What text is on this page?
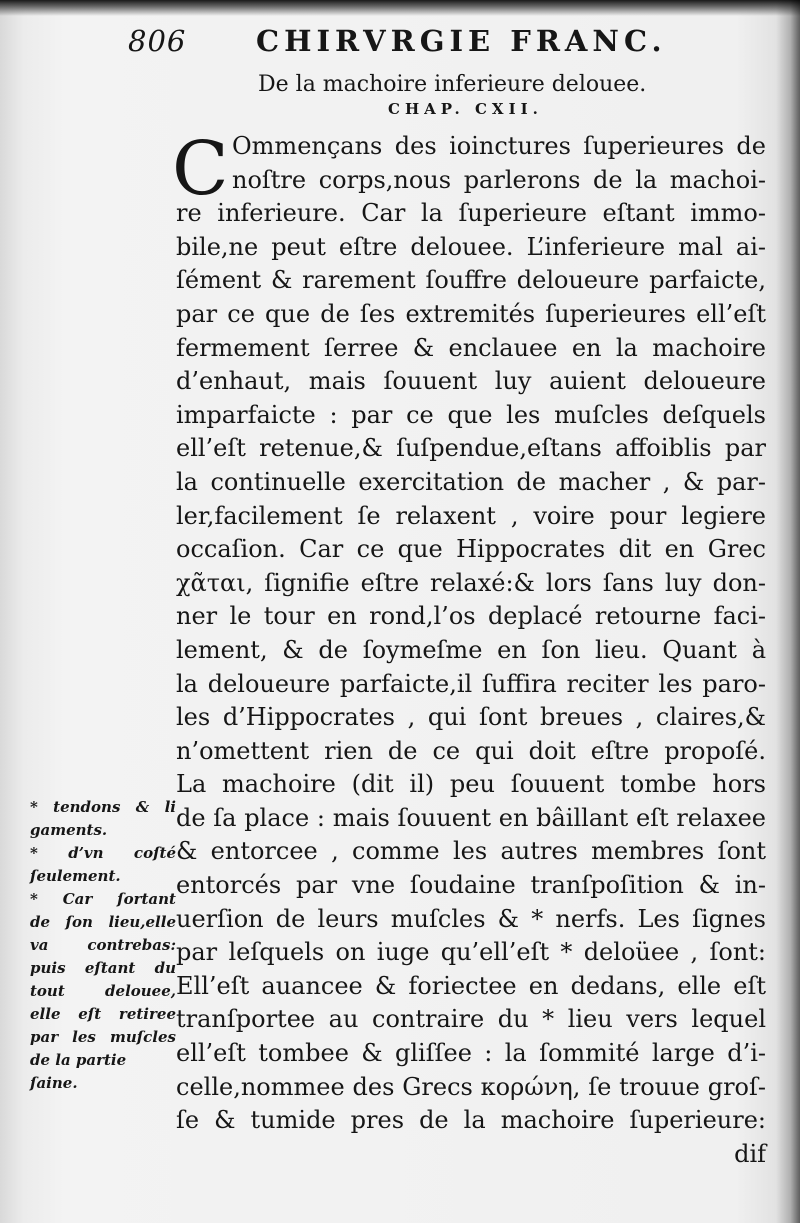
806 CHIRVRGIE FRANC.
De la machoire inferieure delouee.
CHAP. CXII.
C Ommençans des ioinctures ſuperieures de
noſtre corps,nous parlerons de la machoi-
re inferieure. Car la ſuperieure eſtant immo-
bile,ne peut eſtre delouee. L’inferieure mal ai-
ſément & rarement ſouffre deloueure parfaicte,
par ce que de ſes extremités ſuperieures ell’eſt
fermement ſerree & enclauee en la machoire
d’enhaut, mais ſouuent luy auient deloueure
imparfaicte : par ce que les muſcles deſquels
ell’eſt retenue,& ſuſpendue,eſtans affoiblis par
la continuelle exercitation de macher , & par-
ler,facilement ſe relaxent , voire pour legiere
occaſion. Car ce que Hippocrates dit en Grec
χᾶται, ſignifie eſtre relaxé:& lors ſans luy don-
ner le tour en rond,l’os deplacé retourne faci-
lement, & de ſoymeſme en ſon lieu. Quant à
la deloueure parfaicte,il ſuffira reciter les paro-
les d’Hippocrates , qui ſont breues , claires,&
n’omettent rien de ce qui doit eſtre propoſé.
La machoire (dit il) peu ſouuent tombe hors
de ſa place : mais ſouuent en bâillant eſt relaxee
& entorcee , comme les autres membres ſont
entorcés par vne ſoudaine tranſpoſition & in-
uerſion de leurs muſcles & * nerfs. Les ſignes
par leſquels on iuge qu’ell’eſt * deloüee , ſont:
Ell’eſt auancee & foriectee en dedans, elle eſt
tranſportee au contraire du * lieu vers lequel
ell’eſt tombee & gliſſee : la ſommité large d’i-
celle,nommee des Grecs κορώνη, ſe trouue groſ-
ſe & tumide pres de la machoire ſuperieure:
dif
* tendons & li
gaments.
* d’vn coſté
ſeulement.
* Car ſortant
de ſon lieu,elle
va contrebas:
puis eſtant du
tout delouee,
elle eſt retiree
par les muſcles
de la partie
ſaine.
